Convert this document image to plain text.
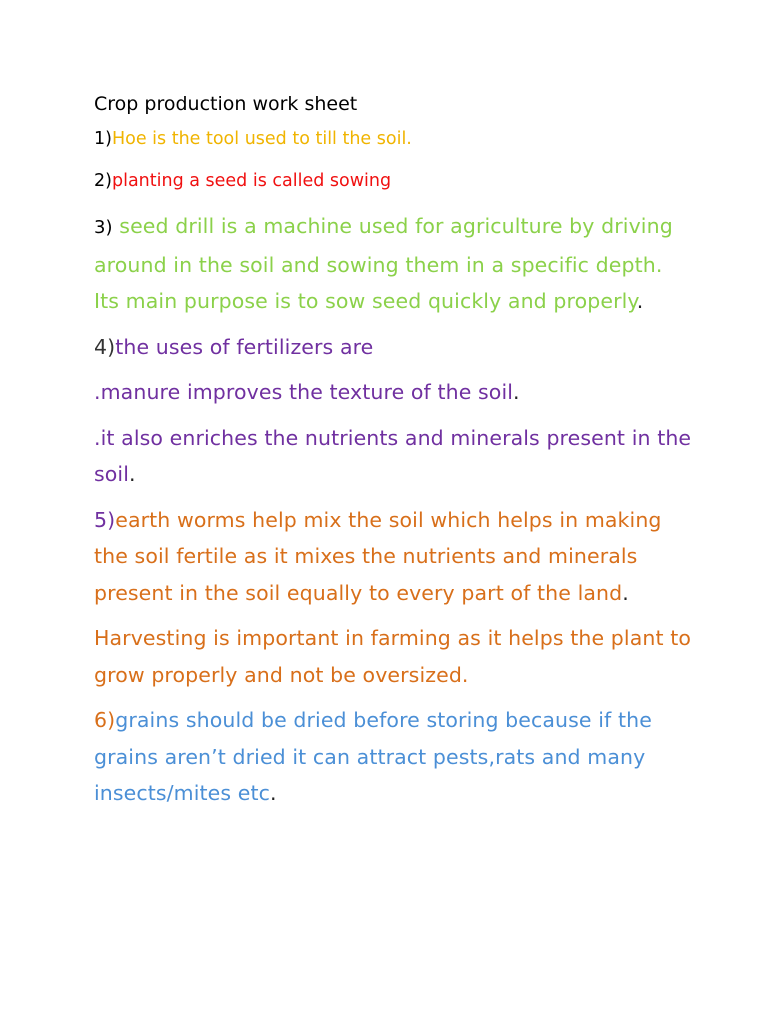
Crop production work sheet
1)Hoe is the tool used to till the soil.
2)planting a seed is called sowing
3) seed drill is a machine used for agriculture by driving around in the soil and sowing them in a specific depth. Its main purpose is to sow seed quickly and properly.
4)the uses of fertilizers are
.manure improves the texture of the soil.
.it also enriches the nutrients and minerals present in the soil.
5)earth worms help mix the soil which helps in making the soil fertile as it mixes the nutrients and minerals present in the soil equally to every part of the land.
Harvesting is important in farming as it helps the plant to grow properly and not be oversized.
6)grains should be dried before storing because if the grains aren’t dried it can attract pests,rats and many insects/mites etc.
